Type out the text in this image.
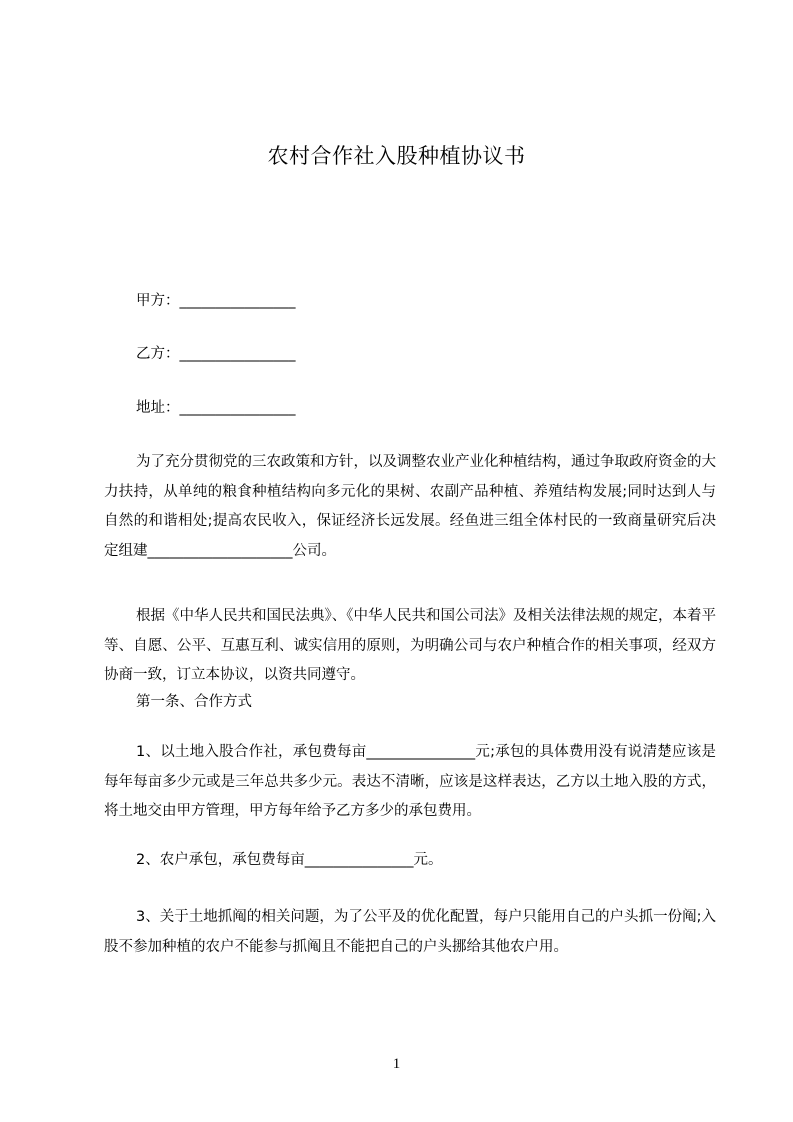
农村合作社入股种植协议书
甲方：________________
乙方：________________
地址：________________
为了充分贯彻党的三农政策和方针，以及调整农业产业化种植结构，通过争取政府资金的大力扶持，从单纯的粮食种植结构向多元化的果树、农副产品种植、养殖结构发展;同时达到人与自然的和谐相处;提高农民收入，保证经济长远发展。经鱼进三组全体村民的一致商量研究后决定组建____________________公司。
根据《中华人民共和国民法典》、《中华人民共和国公司法》及相关法律法规的规定，本着平等、自愿、公平、互惠互利、诚实信用的原则，为明确公司与农户种植合作的相关事项，经双方协商一致，订立本协议，以资共同遵守。
第一条、合作方式
1、以土地入股合作社，承包费每亩_______________元;承包的具体费用没有说清楚应该是每年每亩多少元或是三年总共多少元。表达不清晰，应该是这样表达，乙方以土地入股的方式，将土地交由甲方管理，甲方每年给予乙方多少的承包费用。
2、农户承包，承包费每亩_______________元。
3、关于土地抓阄的相关问题，为了公平及的优化配置，每户只能用自己的户头抓一份阄;入股不参加种植的农户不能参与抓阄且不能把自己的户头挪给其他农户用。
1
